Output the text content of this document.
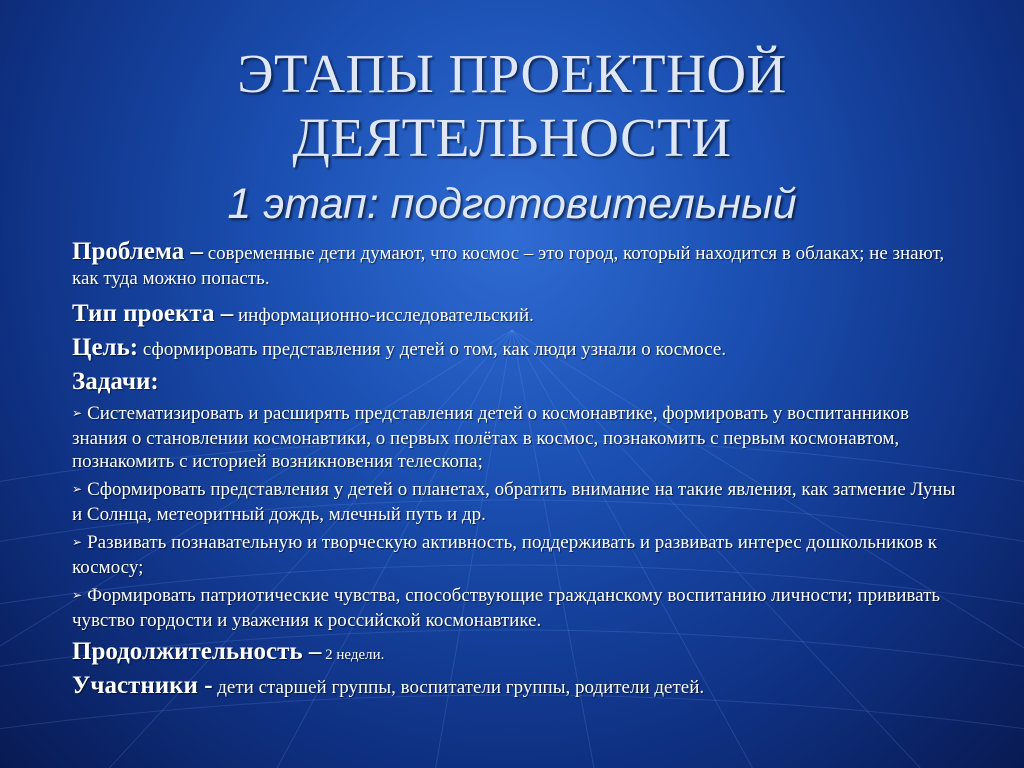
ЭТАПЫ ПРОЕКТНОЙ
ДЕЯТЕЛЬНОСТИ
1 этап: подготовительный

Проблема – современные дети думают, что космос – это город, который находится в облаках; не знают, как туда можно попасть.

Тип проекта – информационно-исследовательский.

Цель: сформировать представления у детей о том, как люди узнали о космосе.

Задачи:

➢ Систематизировать и расширять представления детей о космонавтике, формировать у воспитанников знания о становлении космонавтики, о первых полётах в космос, познакомить с первым космонавтом, познакомить с историей возникновения телескопа;

➢ Сформировать представления у детей о планетах, обратить внимание на такие явления, как затмение Луны и Солнца, метеоритный дождь, млечный путь и др.

➢ Развивать познавательную и творческую активность, поддерживать и развивать интерес дошкольников к космосу;

➢ Формировать патриотические чувства, способствующие гражданскому воспитанию личности; прививать чувство гордости и уважения к российской космонавтике.

Продолжительность – 2 недели.

Участники - дети старшей группы, воспитатели группы, родители детей.
